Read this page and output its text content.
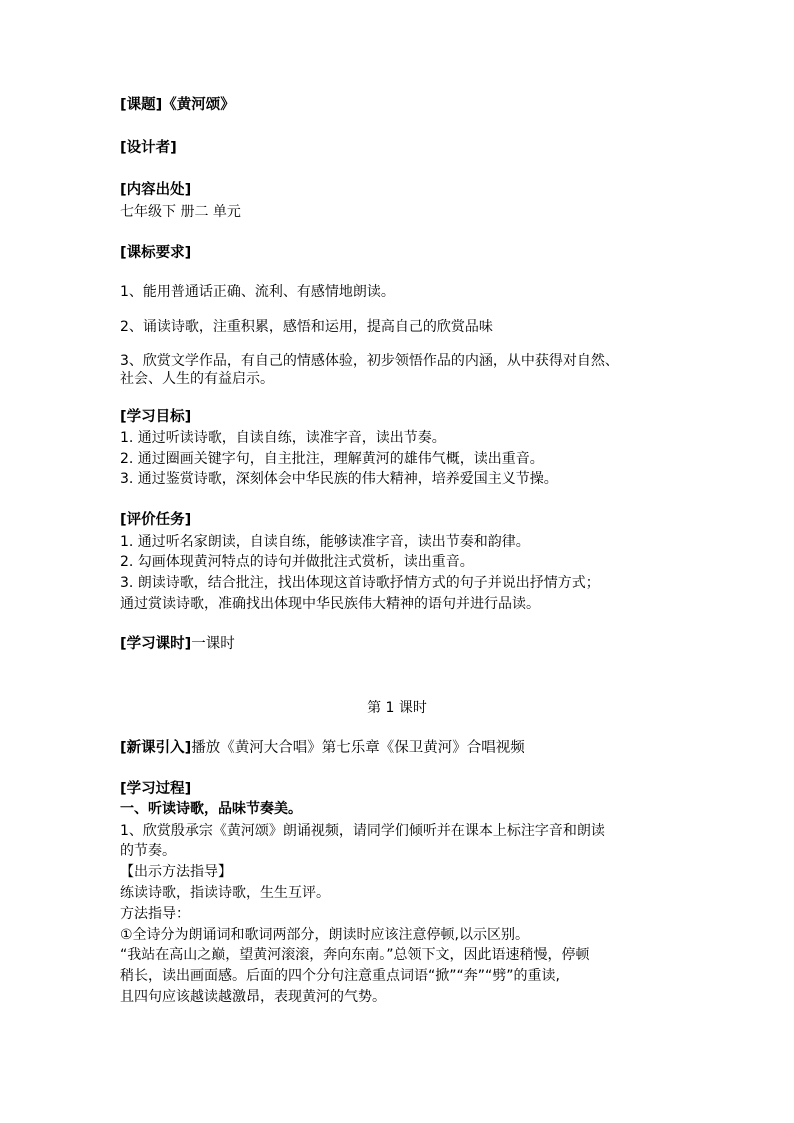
[课题]《黄河颂》
[设计者]
[内容出处]
七年级下 册二 单元
[课标要求]
1、能用普通话正确、流利、有感情地朗读。
2、诵读诗歌，注重积累，感悟和运用，提高自己的欣赏品味
3、欣赏文学作品，有自己的情感体验，初步领悟作品的内涵，从中获得对自然、
社会、人生的有益启示。
[学习目标]
1. 通过听读诗歌，自读自练，读准字音，读出节奏。
2. 通过圈画关键字句，自主批注，理解黄河的雄伟气概，读出重音。
3. 通过鉴赏诗歌，深刻体会中华民族的伟大精神，培养爱国主义节操。
[评价任务]
1. 通过听名家朗读，自读自练，能够读准字音，读出节奏和韵律。
2. 勾画体现黄河特点的诗句并做批注式赏析，读出重音。
3. 朗读诗歌，结合批注，找出体现这首诗歌抒情方式的句子并说出抒情方式；
通过赏读诗歌，准确找出体现中华民族伟大精神的语句并进行品读。
[学习课时]一课时
第 1 课时
[新课引入]播放《黄河大合唱》第七乐章《保卫黄河》合唱视频
[学习过程]
一、听读诗歌，品味节奏美。
1、欣赏殷承宗《黄河颂》朗诵视频，请同学们倾听并在课本上标注字音和朗读
的节奏。
【出示方法指导】
练读诗歌，指读诗歌，生生互评。
方法指导：
①全诗分为朗诵词和歌词两部分，朗读时应该注意停顿,以示区别。
“我站在高山之巅，望黄河滚滚，奔向东南。”总领下文，因此语速稍慢，停顿
稍长，读出画面感。后面的四个分句注意重点词语“掀”“奔”“劈”的重读,
且四句应该越读越激昂，表现黄河的气势。
